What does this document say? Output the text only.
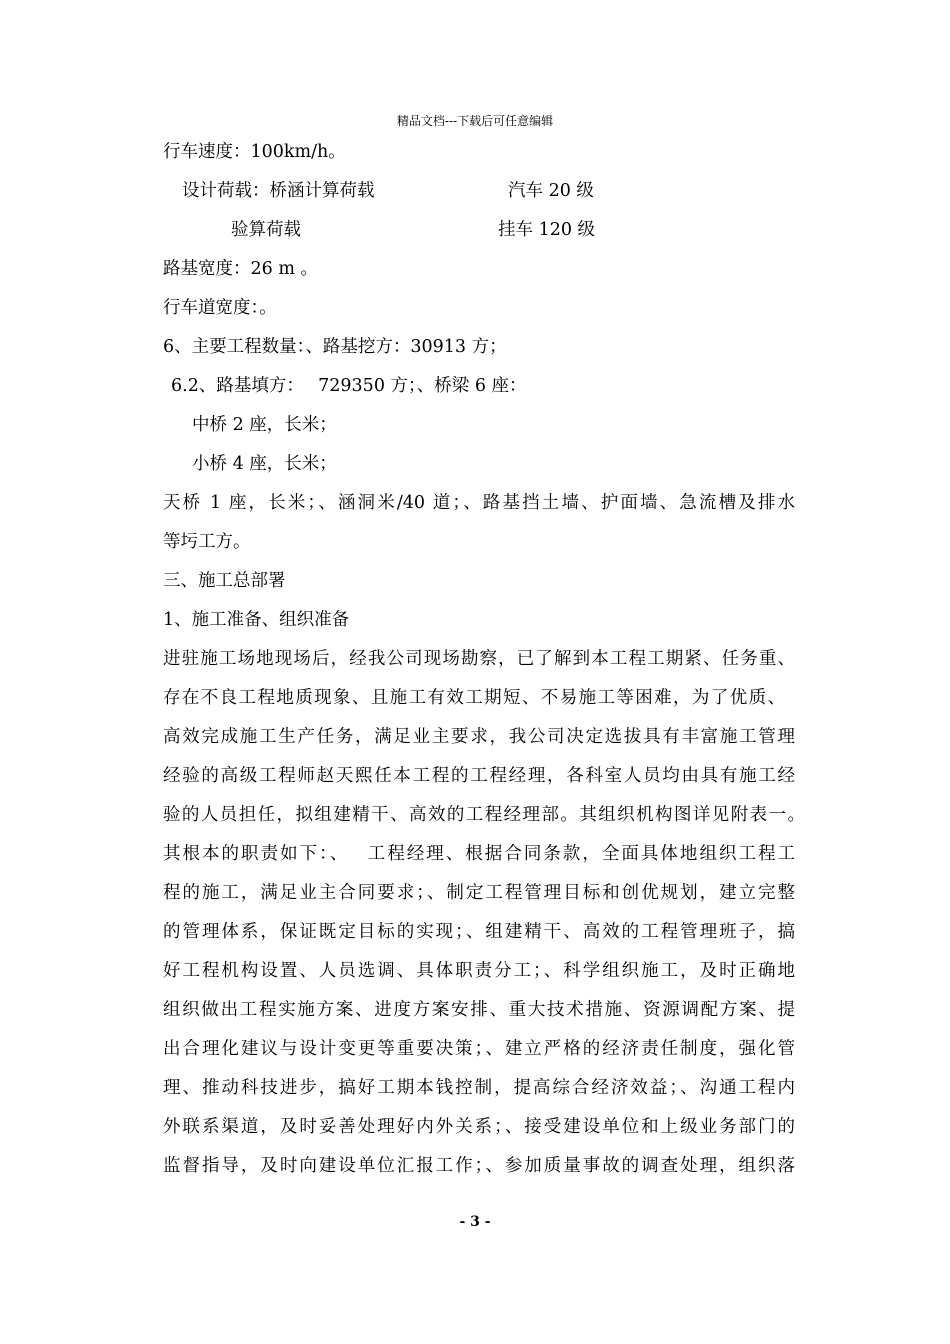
精品文档---下载后可任意编辑
行车速度：100km/h。
设计荷载：桥涵计算荷载	汽车 20 级
验算荷载	挂车 120 级
路基宽度：26 m 。
行车道宽度：。
6、主要工程数量：、路基挖方：30913 方；
6.2、路基填方：　 729350 方；、桥梁 6 座：
中桥 2 座，长米；
小桥 4 座，长米；
天桥 1 座，长米；、涵洞米/40 道；、路基挡土墙、护面墙、急流槽及排水
等圬工方。
三、施工总部署
1、施工准备、组织准备
进驻施工场地现场后，经我公司现场勘察，已了解到本工程工期紧、任务重、
存在不良工程地质现象、且施工有效工期短、不易施工等困难，为了优质、
高效完成施工生产任务，满足业主要求，我公司决定选拔具有丰富施工管理
经验的高级工程师赵天熙任本工程的工程经理，各科室人员均由具有施工经
验的人员担任，拟组建精干、高效的工程经理部。其组织机构图详见附表一。
其根本的职责如下：、　 工程经理、根据合同条款，全面具体地组织工程工
程的施工，满足业主合同要求；、制定工程管理目标和创优规划，建立完整
的管理体系，保证既定目标的实现；、组建精干、高效的工程管理班子，搞
好工程机构设置、人员选调、具体职责分工；、科学组织施工，及时正确地
组织做出工程实施方案、进度方案安排、重大技术措施、资源调配方案、提
出合理化建议与设计变更等重要决策；、建立严格的经济责任制度，强化管
理、推动科技进步，搞好工期本钱控制，提高综合经济效益；、沟通工程内
外联系渠道，及时妥善处理好内外关系；、接受建设单位和上级业务部门的
监督指导，及时向建设单位汇报工作；、参加质量事故的调查处理，组织落
- 3 -
